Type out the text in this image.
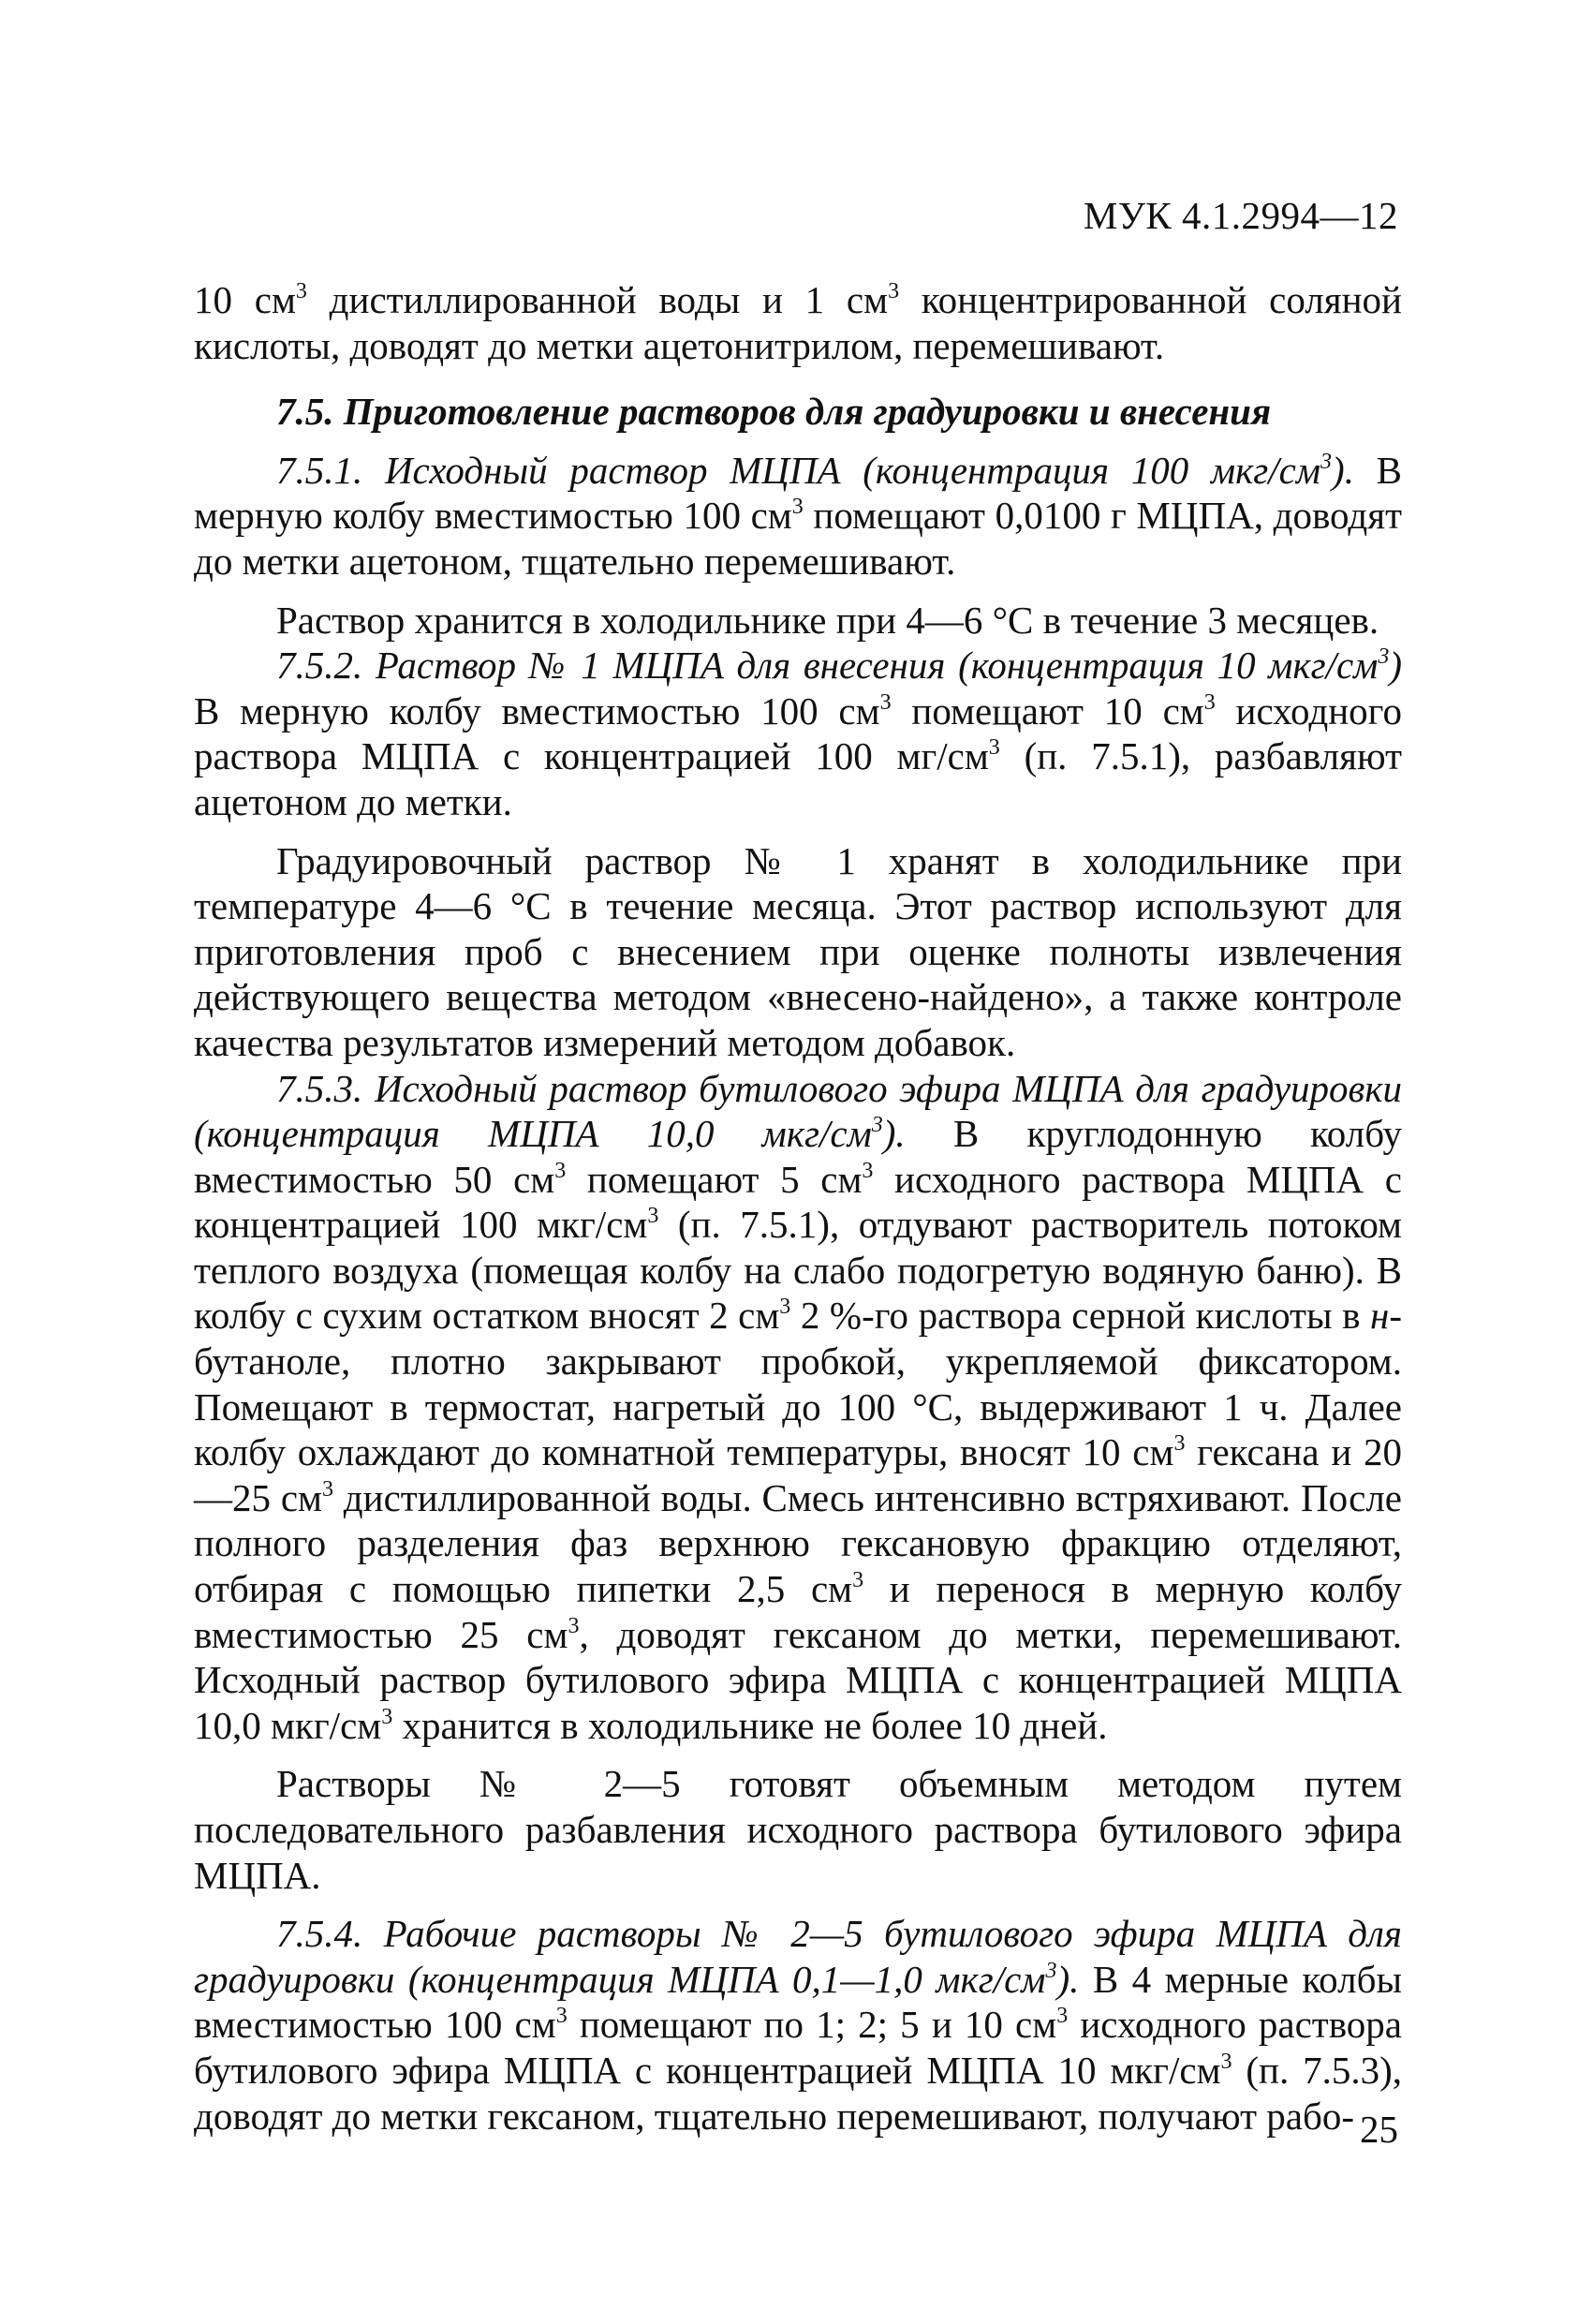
МУК 4.1.2994—12

10 $см^3$ дистиллированной воды и 1 $см^3$ концентрированной соляной кислоты, доводят до метки ацетонитрилом, перемешивают.

7.5. Приготовление растворов для градуировки и внесения

7.5.1. Исходный раствор МЦПА (концентрация 100 мкг/$см^3$). В мерную колбу вместимостью 100 $см^3$ помещают 0,0100 г МЦПА, доводят до метки ацетоном, тщательно перемешивают.

Раствор хранится в холодильнике при 4—6 °С в течение 3 месяцев.

7.5.2. Раствор № 1 МЦПА для внесения (концентрация 10 мкг/$см^3$) В мерную колбу вместимостью 100 $см^3$ помещают 10 $см^3$ исходного раствора МЦПА с концентрацией 100 $мг/см^3$ (п. 7.5.1), разбавляют ацетоном до метки.

Градуировочный раствор № 1 хранят в холодильнике при температуре 4—6 °С в течение месяца. Этот раствор используют для приготовления проб с внесением при оценке полноты извлечения действующего вещества методом «внесено-найдено», а также контроле качества результатов измерений методом добавок.

7.5.3. Исходный раствор бутилового эфира МЦПА для градуировки (концентрация МЦПА 10,0 мкг/$см^3$). В круглодонную колбу вместимостью 50 $см^3$ помещают 5 $см^3$ исходного раствора МЦПА с концентрацией 100 мкг/$см^3$ (п. 7.5.1), отдувают растворитель потоком теплого воздуха (помещая колбу на слабо подогретую водяную баню). В колбу с сухим остатком вносят 2 $см^3$ 2 %-го раствора серной кислоты в н-бутаноле, плотно закрывают пробкой, укрепляемой фиксатором. Помещают в термостат, нагретый до 100 °С, выдерживают 1 ч. Далее колбу охлаждают до комнатной температуры, вносят 10 $см^3$ гексана и 20—25 $см^3$ дистиллированной воды. Смесь интенсивно встряхивают. После полного разделения фаз верхнюю гексановую фракцию отделяют, отбирая с помощью пипетки 2,5 $см^3$ и перенося в мерную колбу вместимостью 25 $см^3$, доводят гексаном до метки, перемешивают. Исходный раствор бутилового эфира МЦПА с концентрацией МЦПА 10,0 мкг/$см^3$ хранится в холодильнике не более 10 дней.

Растворы № 2—5 готовят объемным методом путем последовательного разбавления исходного раствора бутилового эфира МЦПА.

7.5.4. Рабочие растворы № 2—5 бутилового эфира МЦПА для градуировки (концентрация МЦПА 0,1—1,0 мкг/$см^3$). В 4 мерные колбы вместимостью 100 $см^3$ помещают по 1; 2; 5 и 10 $см^3$ исходного раствора бутилового эфира МЦПА с концентрацией МЦПА 10 мкг/$см^3$ (п. 7.5.3), доводят до метки гексаном, тщательно перемешивают, получают рабо- 25
